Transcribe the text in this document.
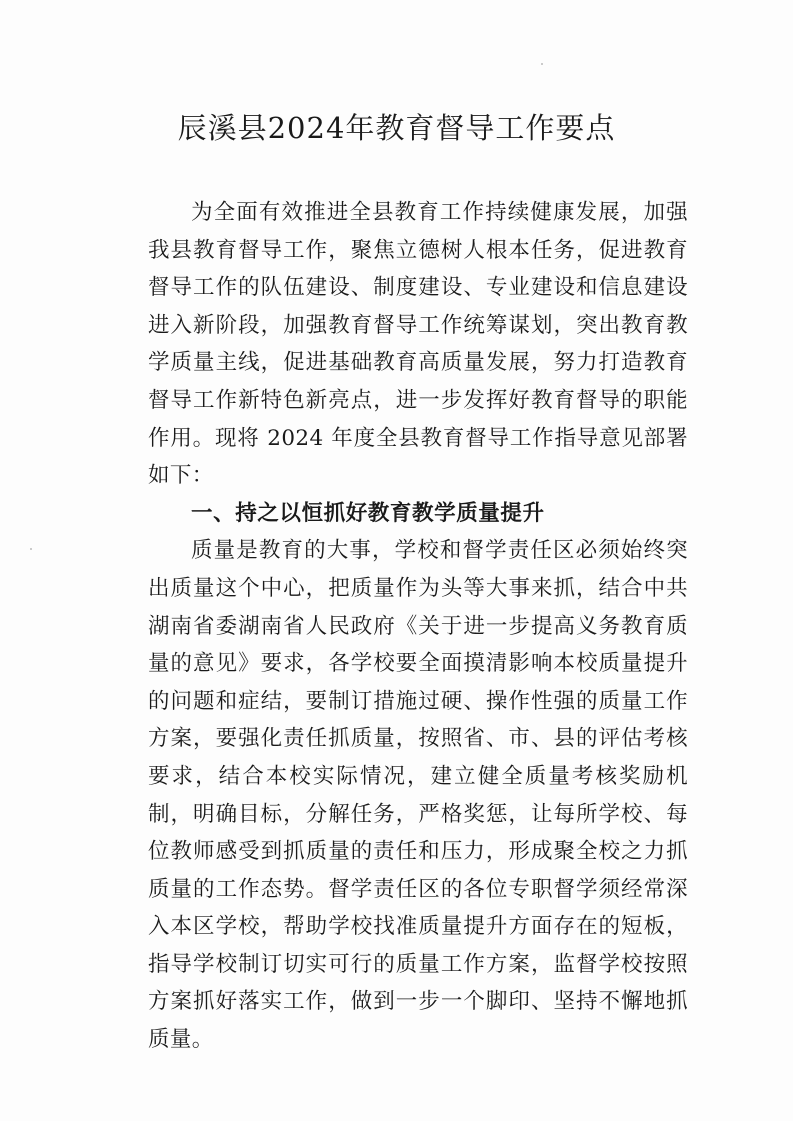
辰溪县2024年教育督导工作要点

为全面有效推进全县教育工作持续健康发展，加强我县教育督导工作，聚焦立德树人根本任务，促进教育督导工作的队伍建设、制度建设、专业建设和信息建设进入新阶段，加强教育督导工作统筹谋划，突出教育教学质量主线，促进基础教育高质量发展，努力打造教育督导工作新特色新亮点，进一步发挥好教育督导的职能作用。现将 2024 年度全县教育督导工作指导意见部署如下：

一、持之以恒抓好教育教学质量提升

质量是教育的大事，学校和督学责任区必须始终突出质量这个中心，把质量作为头等大事来抓，结合中共湖南省委湖南省人民政府《关于进一步提高义务教育质量的意见》要求，各学校要全面摸清影响本校质量提升的问题和症结，要制订措施过硬、操作性强的质量工作方案，要强化责任抓质量，按照省、市、县的评估考核要求，结合本校实际情况，建立健全质量考核奖励机制，明确目标，分解任务，严格奖惩，让每所学校、每位教师感受到抓质量的责任和压力，形成聚全校之力抓质量的工作态势。督学责任区的各位专职督学须经常深入本区学校，帮助学校找准质量提升方面存在的短板，指导学校制订切实可行的质量工作方案，监督学校按照方案抓好落实工作，做到一步一个脚印、坚持不懈地抓质量。
